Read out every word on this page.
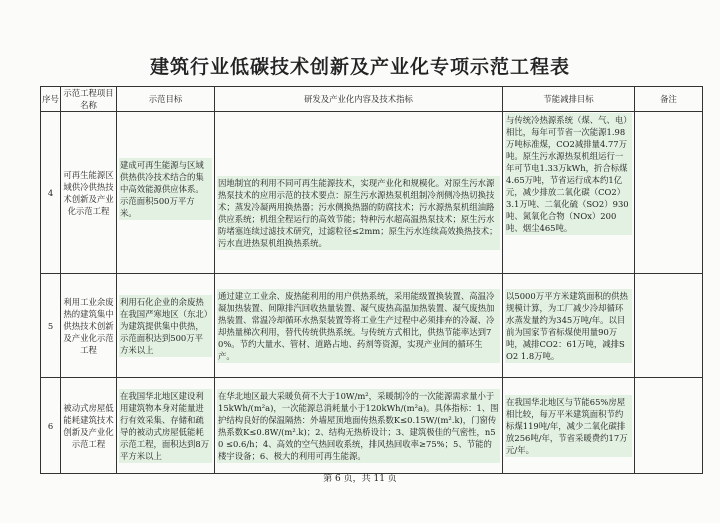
建筑行业低碳技术创新及产业化专项示范工程表
序号	示范工程项目名称	示范目标	研发及产业化内容及技术指标	节能减排目标	备注
4	可再生能源区域供冷供热技术创新及产业化示范工程	建成可再生能源与区域供热供冷技术结合的集中高效能源供应体系。示范面积500万平方米。	因地制宜的利用不同可再生能源技术，实现产业化和规模化。对原生污水源热泵技术的应用示范的技术要点：原生污水源热泵机组制冷剂侧冷热切换技术；蒸发冷凝两用换热器；污水侧换热器的防腐技术；污水源热泵机组油路供应系统；机组全程运行的高效节能；特种污水超高温热泵技术；原生污水防堵塞连续过滤技术研究，过滤粒径≤2mm；原生污水连续高效换热技术；污水直进热泵机组换热系统。	与传统冷热源系统（煤、气、电）相比，每年可节省一次能源1.98万吨标准煤，CO2减排量4.77万吨。原生污水源热泵机组运行一年可节电1.33万kWh，折合标煤4.65万吨，节省运行成本约1亿元，减少排放二氧化碳（CO2）3.1万吨、二氧化硫（SO2）930吨、氮氧化合物（NOx）200吨、烟尘465吨。	

5	利用工业余废热的建筑集中供热技术创新及产业化示范工程	利用石化企业的余废热在我国严寒地区（东北）为建筑提供集中供热，示范面积达到500万平方米以上	通过建立工业余、废热能利用的用户供热系统，采用能级置换装置、高温冷凝加热装置、间隙排汽回收热量装置、凝气废热高温加热装置、凝气废热加热装置、常温冷却循环水热泵装置等将工业生产过程中必须排弃的冷凝、冷却热量梯次利用，替代传统供热系统。与传统方式相比，供热节能率达到70%。节约大量水、管材、道路占地、药剂等资源，实现产业间的循环生产。	以5000万平方米建筑面积的供热规模计算，为工厂减少冷却循环水蒸发量约为345万吨/年。以目前为国家节省标煤使用量90万吨，减排CO2：61万吨，减排SO2 1.8万吨。	

6	被动式房屋低能耗建筑技术创新及产业化示范工程	在我国华北地区建设利用建筑物本身对能量进行有效采集、存储和疏导的被动式房屋低能耗示范工程，面积达到8万平方米以上	在华北地区最大采暖负荷不大于10W/m²，采暖制冷的一次能源需求量小于15kWh/(m²a)，一次能源总消耗量小于120kWh/(m²a)。具体指标：1、围护结构良好的保温隔热：外墙屋顶地面传热系数K≤0.15W/(m².k)，门窗传热系数K≤0.8W/(m².k)；2、结构无热桥设计；3、建筑极佳的气密性，n50 ≤0.6/h；4、高效的空气热回收系统，排风热回收率≥75%；5、节能的楼宇设备；6、极大的利用可再生能源。	在我国华北地区与节能65%房屋相比较，每万平米建筑面积节约标煤119吨/年，减少二氧化碳排放256吨/年，节省采暖费约17万元/年。	

第 6 页，共 11 页
